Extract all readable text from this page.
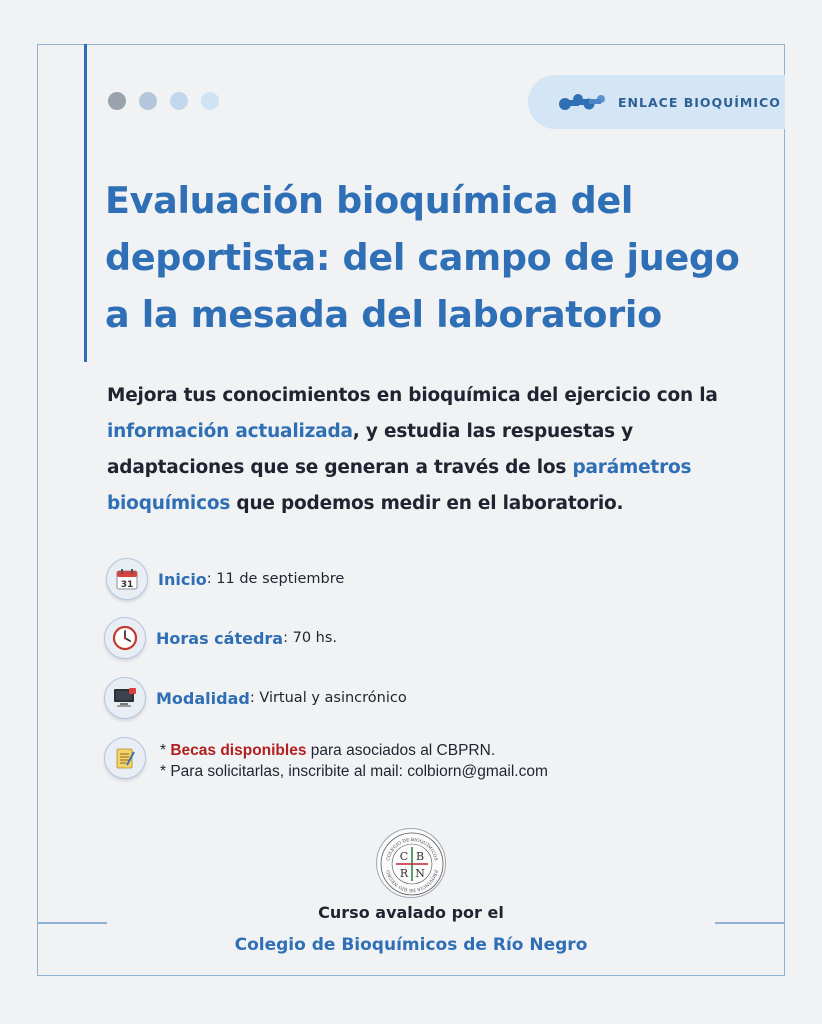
ENLACE BIOQUÍMICO
Evaluación bioquímica del
deportista: del campo de juego
a la mesada del laboratorio

Mejora tus conocimientos en bioquímica del ejercicio con la información actualizada, y estudia las respuestas y adaptaciones que se generan a través de los parámetros bioquímicos que podemos medir en el laboratorio.

31 Inicio : 11 de septiembre
Horas cátedra : 70 hs.
Modalidad : Virtual y asincrónico
* Becas disponibles para asociados al CBPRN.
* Para solicitarlas, inscribite al mail: colbiorn@gmail.com
COLEGIO DE BIOQUÍMICOS
PROVINCIA DE RÍO NEGRO
C B
R N
Curso avalado por el
Colegio de Bioquímicos de Río Negro
